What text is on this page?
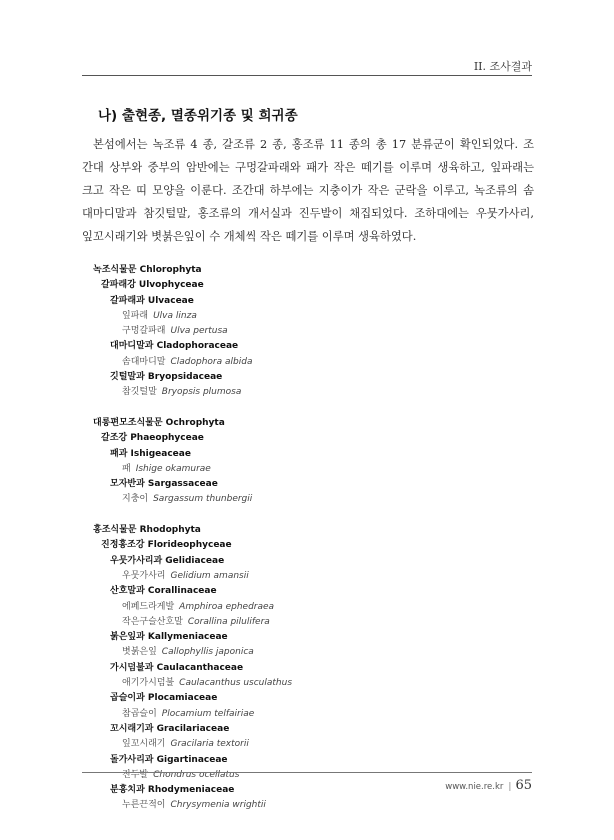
II. 조사결과
나) 출현종, 멸종위기종 및 희귀종

본섬에서는 녹조류 4 종, 갈조류 2 종, 홍조류 11 종의 총 17 분류군이 확인되었다. 조
간대 상부와 중부의 암반에는 구멍갈파래와 패가 작은 떼기를 이루며 생육하고, 잎파래는
크고 작은 띠 모양을 이룬다. 조간대 하부에는 지충이가 작은 군락을 이루고, 녹조류의 솜
대마디말과 참깃털말, 홍조류의 개서실과 진두발이 채집되었다. 조하대에는 우뭇가사리,
잎꼬시래기와 볏붉은잎이 수 개체씩 작은 떼기를 이루며 생육하였다.

녹조식물문 Chlorophyta
갈파래강 Ulvophyceae
갈파래과 Ulvaceae
잎파래 Ulva linza
구멍갈파래 Ulva pertusa
대마디말과 Cladophoraceae
솜대마디말 Cladophora albida
깃털말과 Bryopsidaceae
참깃털말 Bryopsis plumosa
대롱편모조식물문 Ochrophyta
갈조강 Phaeophyceae
패과 Ishigeaceae
패 Ishige okamurae
모자반과 Sargassaceae
지충이 Sargassum thunbergii
홍조식물문 Rhodophyta
진정홍조강 Florideophyceae
우뭇가사리과 Gelidiaceae
우뭇가사리 Gelidium amansii
산호말과 Corallinaceae
에페드라게발 Amphiroa ephedraea
작은구슬산호말 Corallina pilulifera
붉은잎과 Kallymeniaceae
볏붉은잎 Callophyllis japonica
가시덤불과 Caulacanthaceae
애기가시덤불 Caulacanthus usculathus
곱슬이과 Plocamiaceae
참곱슬이 Plocamium telfairiae
꼬시래기과 Gracilariaceae
잎꼬시래기 Gracilaria textorii
돌가사리과 Gigartinaceae
진두발 Chondrus ocellatus
분홍치과 Rhodymeniaceae
누른끈적이 Chrysymenia wrightii
www.nie.re.kr | 65
